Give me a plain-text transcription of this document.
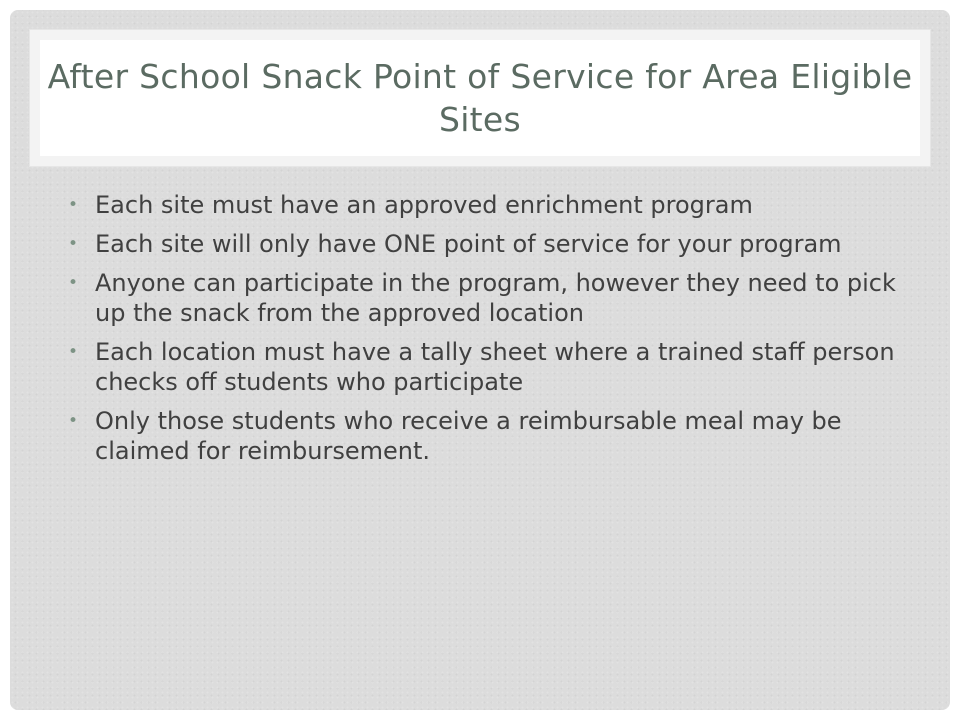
After School Snack Point of Service for Area Eligible Sites
• Each site must have an approved enrichment program
• Each site will only have ONE point of service for your program
• Anyone can participate in the program, however they need to pick up the snack from the approved location
• Each location must have a tally sheet where a trained staff person checks off students who participate
• Only those students who receive a reimbursable meal may be claimed for reimbursement.
